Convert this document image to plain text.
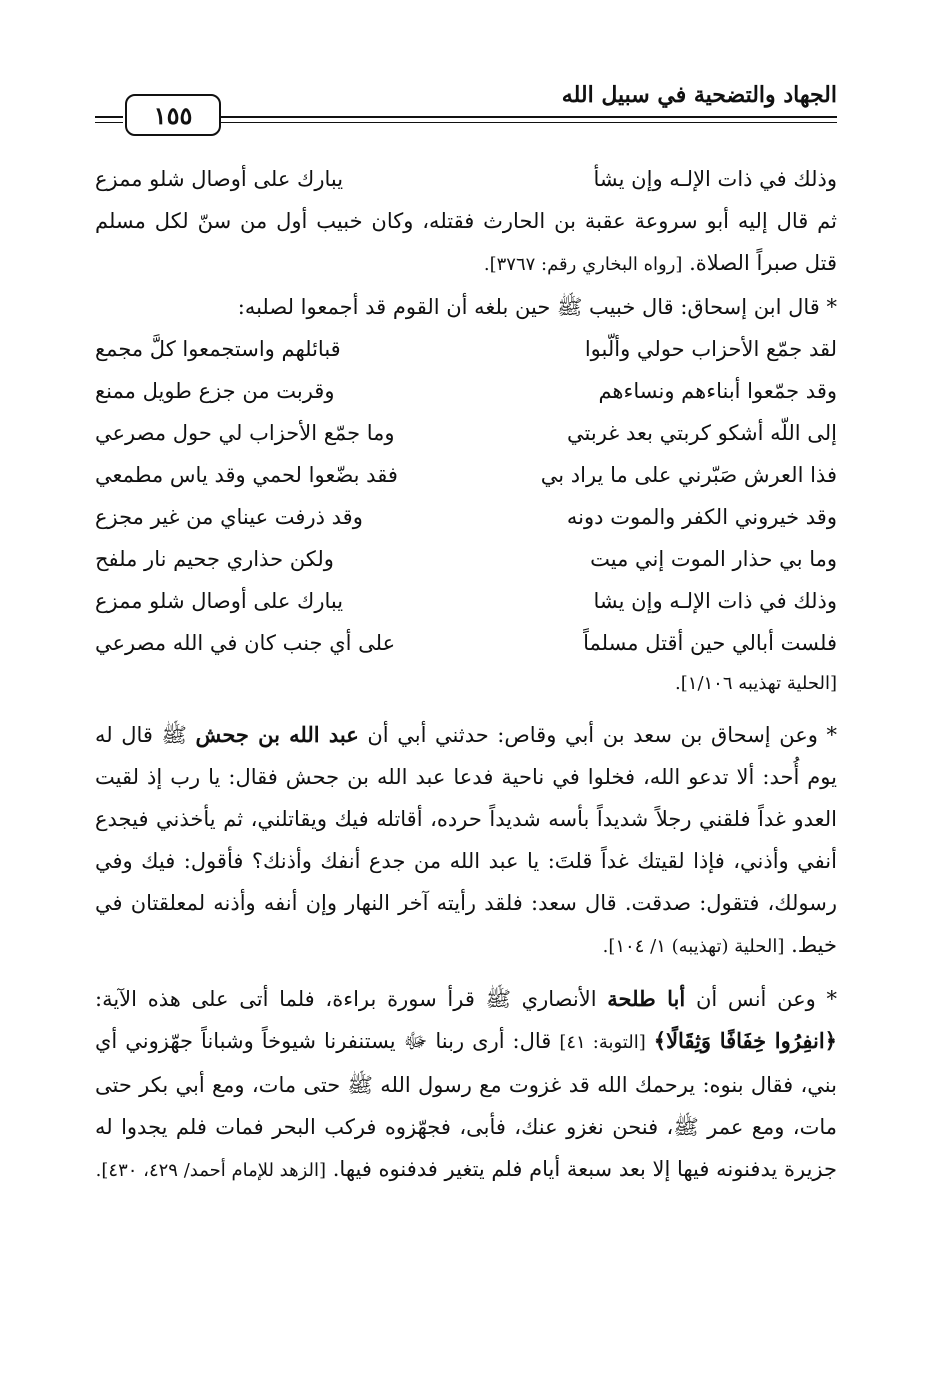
الجهاد والتضحية في سبيل الله
١٥٥
وذلك في ذات الإلـه وإن يشأ
يبارك على أوصال شلو ممزع

ثم قال إليه أبو سروعة عقبة بن الحارث فقتله، وكان خبيب أول من سنّ لكل مسلم قتل صبراً الصلاة. [رواه البخاري رقم: ٣٧٦٧].

* قال ابن إسحاق: قال خبيب ﷺ حين بلغه أن القوم قد أجمعوا لصلبه:

لقد جمّع الأحزاب حولي وألّبوا
قبائلهم واستجمعوا كلَّ مجمع
وقد جمّعوا أبناءهم ونساءهم
وقربت من جزع طويل ممنع
إلى اللّه أشكو كربتي بعد غربتي
وما جمّع الأحزاب لي حول مصرعي
فذا العرش صَبّرني على ما يراد بي
فقد بضّعوا لحمي وقد ياس مطمعي
وقد خيروني الكفر والموت دونه
وقد ذرفت عيناي من غير مجزع
وما بي حذار الموت إني ميت
ولكن حذاري جحيم نار ملفح
وذلك في ذات الإلـه وإن يشا
يبارك على أوصال شلو ممزع
فلست أبالي حين أقتل مسلماً
على أي جنب كان في الله مصرعي
[الحلية تهذيبه ١/١٠٦].

* وعن إسحاق بن سعد بن أبي وقاص: حدثني أبي أن عبد الله بن جحش ﷺ قال له يوم أُحد: ألا تدعو الله، فخلوا في ناحية فدعا عبد الله بن جحش فقال: يا رب إذ لقيت العدو غداً فلقني رجلاً شديداً بأسه شديداً حرده، أقاتله فيك ويقاتلني، ثم يأخذني فيجدع أنفي وأذني، فإذا لقيتك غداً قلتَ: يا عبد الله من جدع أنفك وأذنك؟ فأقول: فيك وفي رسولك، فتقول: صدقت. قال سعد: فلقد رأيته آخر النهار وإن أنفه وأذنه لمعلقتان في خيط. [الحلية (تهذيبه) ١/ ١٠٤].

* وعن أنس أن أبا طلحة الأنصاري ﷺ قرأ سورة براءة، فلما أتى على هذه الآية: ﴿انفِرُوا خِفَافًا وَثِقَالًا﴾ [التوبة: ٤١] قال: أرى ربنا ﷻ يستنفرنا شيوخاً وشباناً جهّزوني أي بني، فقال بنوه: يرحمك الله قد غزوت مع رسول الله ﷺ حتى مات، ومع أبي بكر حتى مات، ومع عمر ﷺ، فنحن نغزو عنك، فأبى، فجهّزوه فركب البحر فمات فلم يجدوا له جزيرة يدفنونه فيها إلا بعد سبعة أيام فلم يتغير فدفنوه فيها. [الزهد للإمام أحمد/ ٤٢٩، ٤٣٠].
